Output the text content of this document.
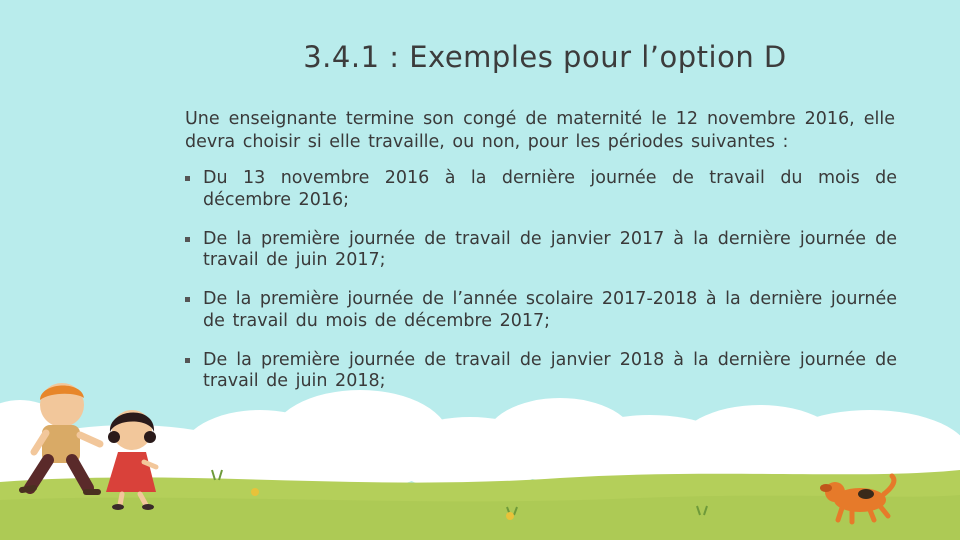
3.4.1 : Exemples pour l’option D

Une enseignante termine son congé de maternité le 12 novembre 2016, elle devra choisir si elle travaille, ou non, pour les périodes suivantes :

Du 13 novembre 2016 à la dernière journée de travail du mois de décembre 2016;
De la première journée de travail de janvier 2017 à la dernière journée de travail de juin 2017;
De la première journée de l’année scolaire 2017-2018 à la dernière journée de travail du mois de décembre 2017;
De la première journée de travail de janvier 2018 à la dernière journée de travail de juin 2018;
